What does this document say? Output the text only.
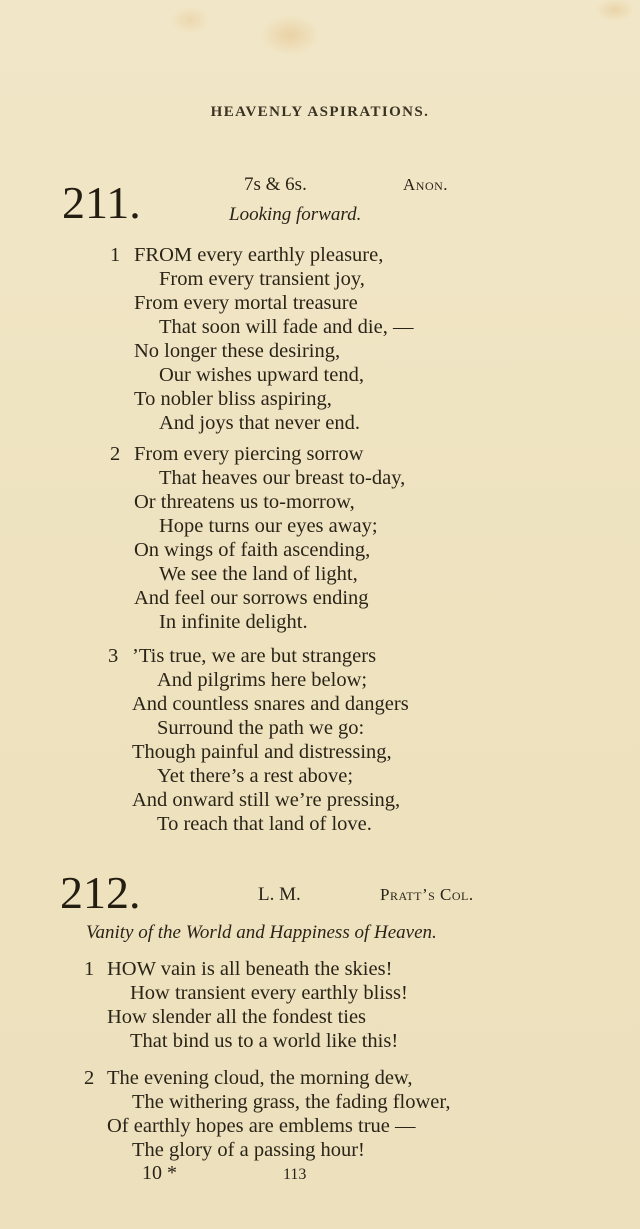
HEAVENLY ASPIRATIONS.
211.	7s & 6s.	Anon.
Looking forward.
1 FROM every earthly pleasure,
From every transient joy,
From every mortal treasure
That soon will fade and die, —
No longer these desiring,
Our wishes upward tend,
To nobler bliss aspiring,
And joys that never end.
2 From every piercing sorrow
That heaves our breast to-day,
Or threatens us to-morrow,
Hope turns our eyes away;
On wings of faith ascending,
We see the land of light,
And feel our sorrows ending
In infinite delight.
3 ’Tis true, we are but strangers
And pilgrims here below;
And countless snares and dangers
Surround the path we go:
Though painful and distressing,
Yet there’s a rest above;
And onward still we’re pressing,
To reach that land of love.
212.	L. M.	Pratt’s Col.
Vanity of the World and Happiness of Heaven.
1 HOW vain is all beneath the skies!
How transient every earthly bliss!
How slender all the fondest ties
That bind us to a world like this!
2 The evening cloud, the morning dew,
The withering grass, the fading flower,
Of earthly hopes are emblems true —
The glory of a passing hour!
10 *	113
